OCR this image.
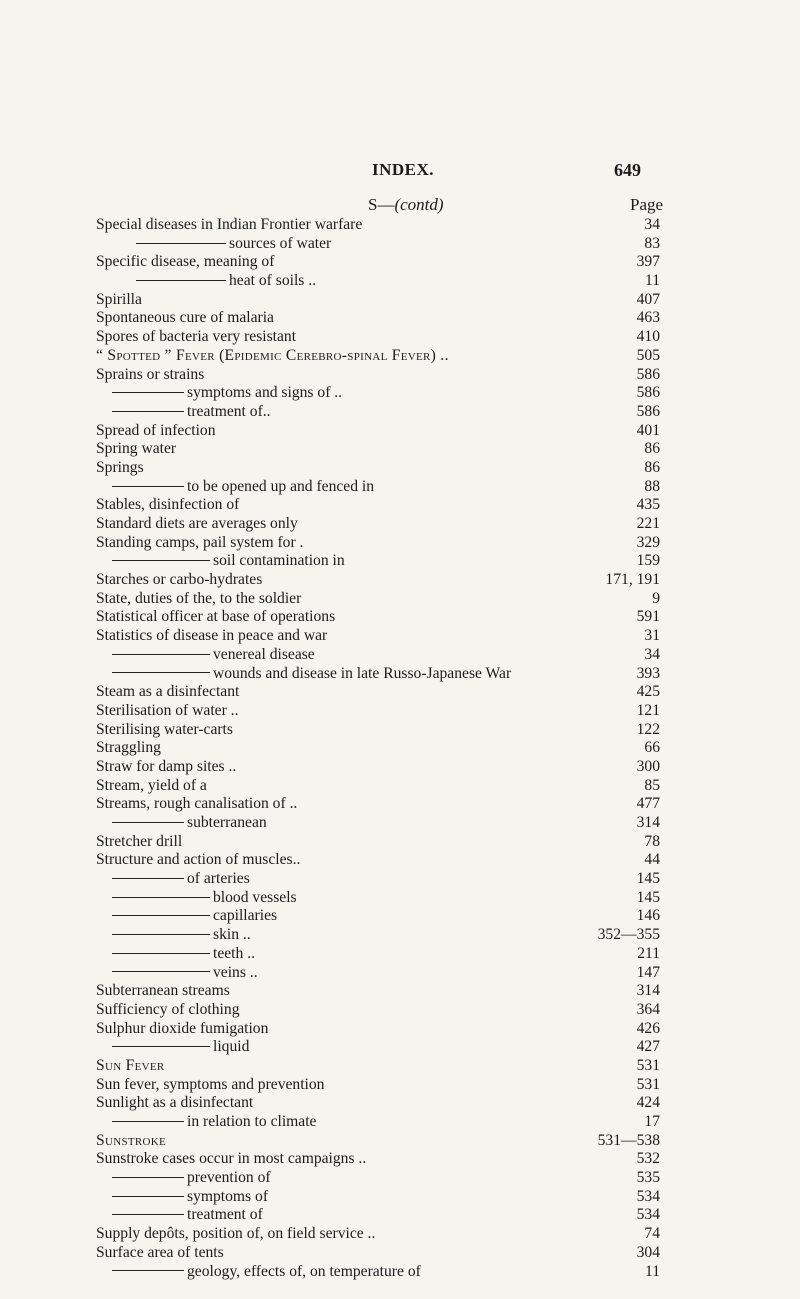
INDEX.	649
S—(contd)	Page
Special diseases in Indian Frontier warfare	34
sources of water	83
Specific disease, meaning of	397
heat of soils ..	11
Spirilla	407
Spontaneous cure of malaria	463
Spores of bacteria very resistant	410
“ Spotted ” Fever (Epidemic Cerebro-spinal Fever) ..	505
Sprains or strains	586
symptoms and signs of ..	586
treatment of..	586
Spread of infection	401
Spring water	86
Springs	86
to be opened up and fenced in	88
Stables, disinfection of	435
Standard diets are averages only	221
Standing camps, pail system for .	329
soil contamination in	159
Starches or carbo-hydrates	171, 191
State, duties of the, to the soldier	9
Statistical officer at base of operations	591
Statistics of disease in peace and war	31
venereal disease	34
wounds and disease in late Russo-Japanese War	393
Steam as a disinfectant	425
Sterilisation of water ..	121
Sterilising water-carts	122
Straggling	66
Straw for damp sites ..	300
Stream, yield of a	85
Streams, rough canalisation of ..	477
subterranean	314
Stretcher drill	78
Structure and action of muscles..	44
of arteries	145
blood vessels	145
capillaries	146
skin ..	352—355
teeth ..	211
veins ..	147
Subterranean streams	314
Sufficiency of clothing	364
Sulphur dioxide fumigation	426
liquid	427
Sun Fever	531
Sun fever, symptoms and prevention	531
Sunlight as a disinfectant	424
in relation to climate	17
Sunstroke	531—538
Sunstroke cases occur in most campaigns ..	532
prevention of	535
symptoms of	534
treatment of	534
Supply depôts, position of, on field service ..	74
Surface area of tents	304
geology, effects of, on temperature of	11
